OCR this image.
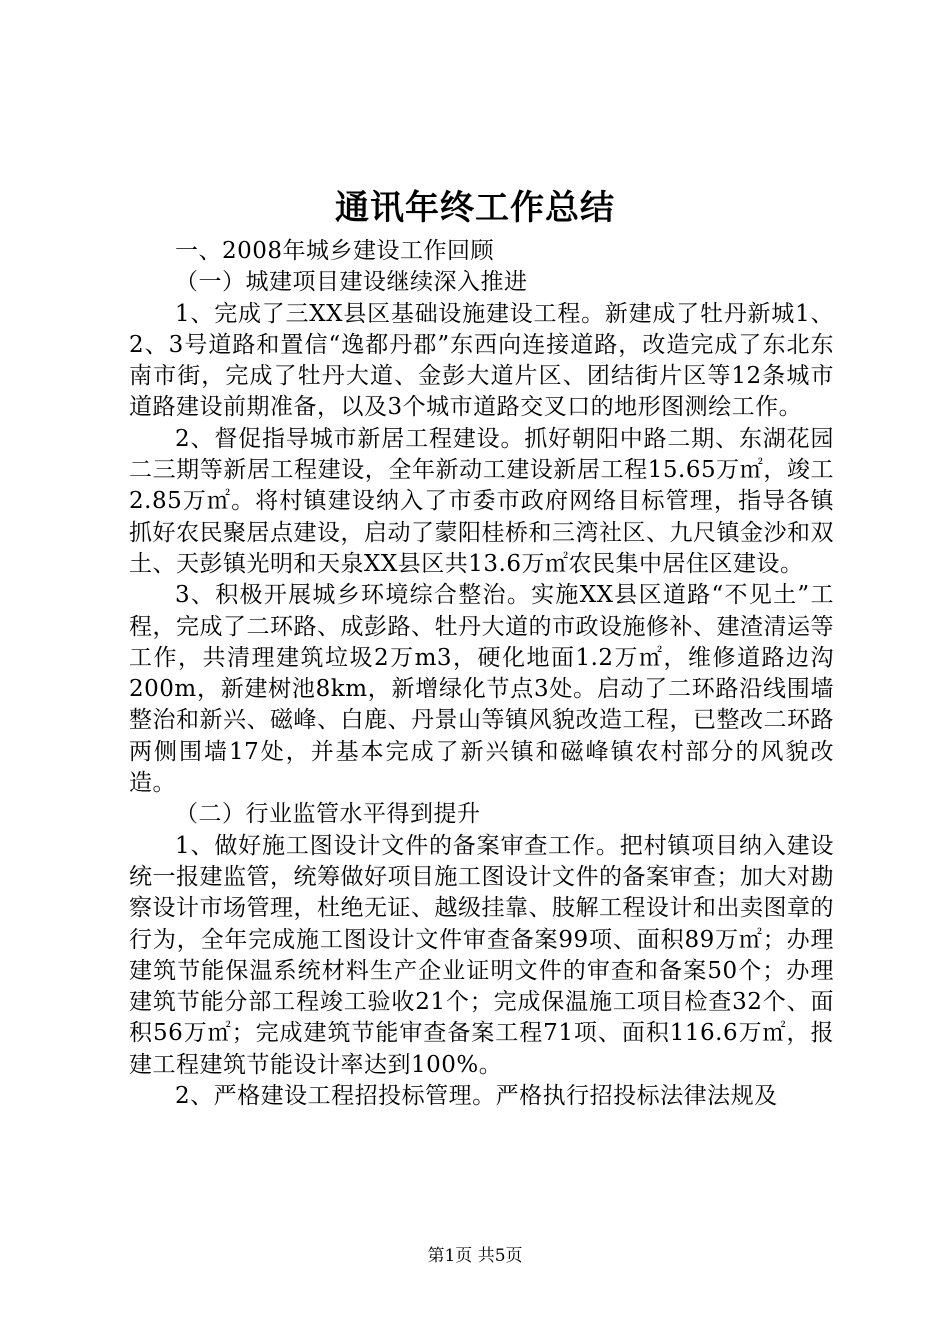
通讯年终工作总结

一、2008年城乡建设工作回顾

（一）城建项目建设继续深入推进

1、完成了三XX县区基础设施建设工程。新建成了牡丹新城1、2、3号道路和置信“逸都丹郡”东西向连接道路，改造完成了东北东南市街，完成了牡丹大道、金彭大道片区、团结街片区等12条城市道路建设前期准备，以及3个城市道路交叉口的地形图测绘工作。

2、督促指导城市新居工程建设。抓好朝阳中路二期、东湖花园二三期等新居工程建设，全年新动工建设新居工程15.65万㎡，竣工2.85万㎡。将村镇建设纳入了市委市政府网络目标管理，指导各镇抓好农民聚居点建设，启动了蒙阳桂桥和三湾社区、九尺镇金沙和双土、天彭镇光明和天泉XX县区共13.6万㎡农民集中居住区建设。

3、积极开展城乡环境综合整治。实施XX县区道路“不见土”工程，完成了二环路、成彭路、牡丹大道的市政设施修补、建渣清运等工作，共清理建筑垃圾2万m3，硬化地面1.2万㎡，维修道路边沟200m，新建树池8km，新增绿化节点3处。启动了二环路沿线围墙整治和新兴、磁峰、白鹿、丹景山等镇风貌改造工程，已整改二环路两侧围墙17处，并基本完成了新兴镇和磁峰镇农村部分的风貌改造。

（二）行业监管水平得到提升

1、做好施工图设计文件的备案审查工作。把村镇项目纳入建设统一报建监管，统筹做好项目施工图设计文件的备案审查；加大对勘察设计市场管理，杜绝无证、越级挂靠、肢解工程设计和出卖图章的行为，全年完成施工图设计文件审查备案99项、面积89万㎡；办理建筑节能保温系统材料生产企业证明文件的审查和备案50个；办理建筑节能分部工程竣工验收21个；完成保温施工项目检查32个、面积56万㎡；完成建筑节能审查备案工程71项、面积116.6万㎡，报建工程建筑节能设计率达到100%。

2、严格建设工程招投标管理。严格执行招投标法律法规及

第1页 共5页
